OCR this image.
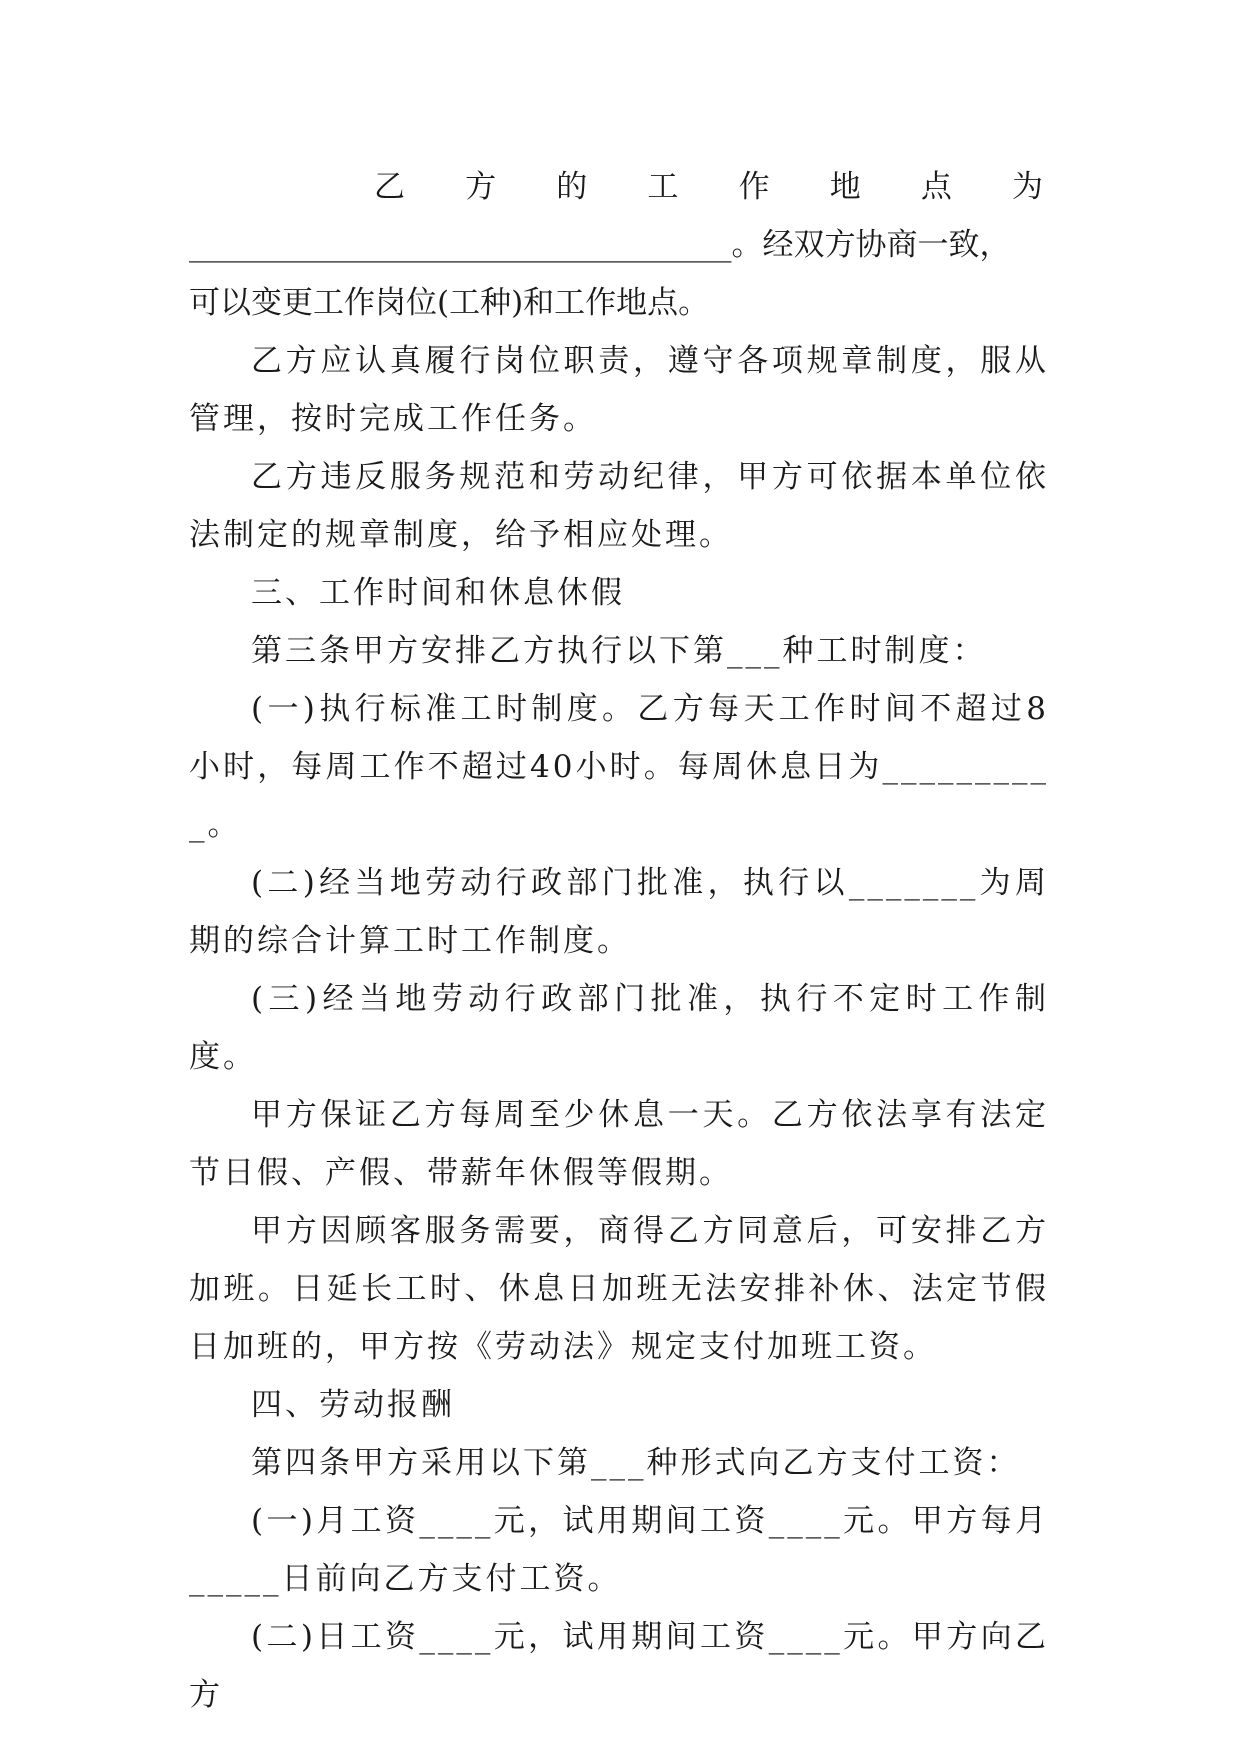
乙 方 的 工 作 地 点 为
___________________________________。经双方协商一致，
可以变更工作岗位(工种)和工作地点。

乙方应认真履行岗位职责，遵守各项规章制度，服从管理，按时完成工作任务。

乙方违反服务规范和劳动纪律，甲方可依据本单位依法制定的规章制度，给予相应处理。

三、工作时间和休息休假

第三条甲方安排乙方执行以下第___种工时制度：

(一)执行标准工时制度。乙方每天工作时间不超过8小时，每周工作不超过40小时。每周休息日为__________。

(二)经当地劳动行政部门批准，执行以_______为周期的综合计算工时工作制度。

(三)经当地劳动行政部门批准，执行不定时工作制度。

甲方保证乙方每周至少休息一天。乙方依法享有法定节日假、产假、带薪年休假等假期。

甲方因顾客服务需要，商得乙方同意后，可安排乙方加班。日延长工时、休息日加班无法安排补休、法定节假日加班的，甲方按《劳动法》规定支付加班工资。

四、劳动报酬

第四条甲方采用以下第___种形式向乙方支付工资：

(一)月工资____元，试用期间工资____元。甲方每月_____日前向乙方支付工资。

(二)日工资____元，试用期间工资____元。甲方向乙方
